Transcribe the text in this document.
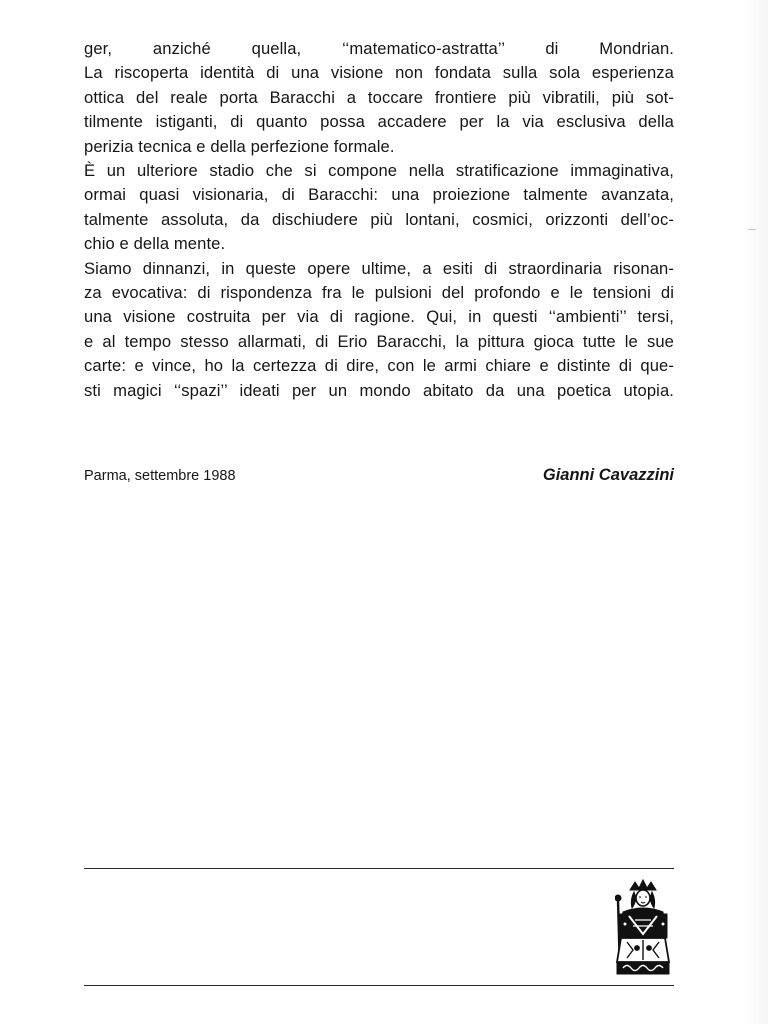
ger, anziché quella, ‘‘matematico-astratta’’ di Mondrian.
La riscoperta identità di una visione non fondata sulla sola esperienza
ottica del reale porta Baracchi a toccare frontiere più vibratili, più sot-
tilmente istiganti, di quanto possa accadere per la via esclusiva della
perizia tecnica e della perfezione formale.
È un ulteriore stadio che si compone nella stratificazione immaginativa,
ormai quasi visionaria, di Baracchi: una proiezione talmente avanzata,
talmente assoluta, da dischiudere più lontani, cosmici, orizzonti dell’oc-
chio e della mente.
Siamo dinnanzi, in queste opere ultime, a esiti di straordinaria risonan-
za evocativa: di rispondenza fra le pulsioni del profondo e le tensioni di
una visione costruita per via di ragione. Qui, in questi ‘‘ambienti’’ tersi,
e al tempo stesso allarmati, di Erio Baracchi, la pittura gioca tutte le sue
carte: e vince, ho la certezza di dire, con le armi chiare e distinte di que-
sti magici ‘‘spazi’’ ideati per un mondo abitato da una poetica utopia.
Parma, settembre 1988	Gianni Cavazzini
